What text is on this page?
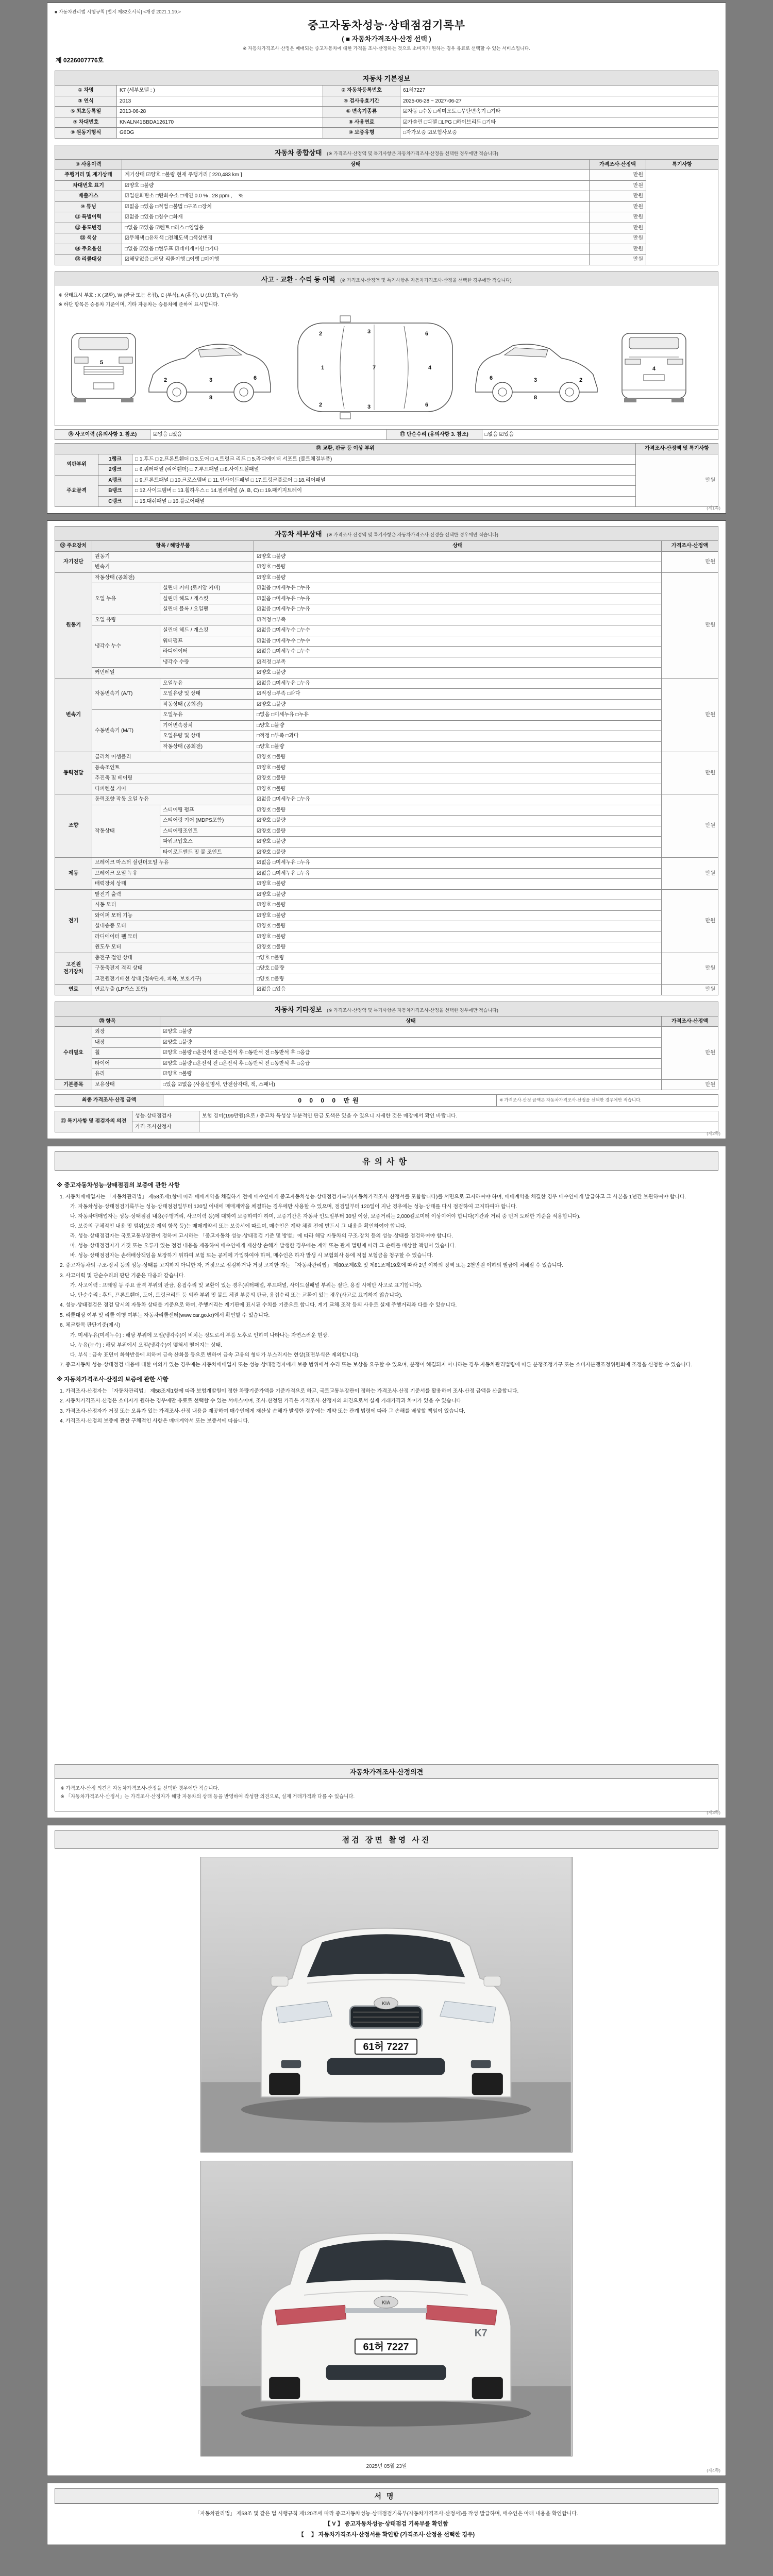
■ 자동차관리법 시행규칙 [별지 제82호서식] <개정 2021.1.19.>
중고자동차성능·상태점검기록부
( ■ 자동차가격조사·산정 선택 )
※ 자동차가격조사·산정은 매매되는 중고자동차에 대한 가격을 조사·산정하는 것으로 소비자가 원하는 경우 유료로 선택할 수 있는 서비스입니다.
제 0226007776호
자동차 기본정보
① 차명	K7 (세부모델 : )	② 자동차등록번호	61허7227
③ 연식	2013	④ 검사유효기간	2025-06-28 ~ 2027-06-27
⑤ 최초등록일	2013-06-28	⑥ 변속기종류	☑자동 □수동 □세미오토 □무단변속기 □기타
⑦ 차대번호	KNALN41BBDA126170	⑧ 사용연료	☑가솔린 □디젤 □LPG □하이브리드 □기타
⑨ 원동기형식	G6DG	⑩ 보증유형	□자가보증 ☑보험사보증
자동차 종합상태 (※ 가격조사·산정액 및 특기사항은 자동차가격조사·산정을 선택한 경우에만 적습니다)
⑨ 사용이력	상태	가격조사·산정액	특기사항
주행거리 및 계기상태	계기상태 ☑양호 □불량 현재 주행거리 [ 220,483 km ]	만원	
차대번호 표기	☑양호 □불량	만원	
배출가스	☑일산화탄소 □탄화수소 □매연 0.0 % , 28 ppm ,　 %	만원	
⑩ 튜닝	☑없음 □있음 □적법 □불법 □구조 □장치	만원	
⑪ 특별이력	☑없음 □있음 □침수 □화재	만원	
⑫ 용도변경	□없음 ☑있음 ☑렌트 □리스 □영업용	만원	
⑬ 색상	☑무채색 □유채색 □전체도색 □색상변경	만원	
⑭ 주요옵션	□없음 ☑있음 □썬루프 ☑네비게이션 □기타	만원	
⑮ 리콜대상	☑해당없음 □해당 리콜이행 □이행 □미이행	만원	
사고 · 교환 · 수리 등 이력 (※ 가격조사·산정액 및 특기사항은 자동차가격조사·산정을 선택한 경우에만 적습니다)
※ 상태표시 부호 : X (교환), W (판금 또는 용접), C (부식), A (흠집), U (요철), T (손상)
※ 하단 항목은 승용차 기준이며, 기타 자동차는 승용차에 준하여 표시합니다.
5
2	3	6
8
1	7	4
2
2
3
3
6
6
2
3
6
8
4
⑯ 사고이력 (유의사항 3. 참조)	☑없음 □있음	⑰ 단순수리 (유의사항 3. 참조)	□없음 ☑있음
⑱ 교환, 판금 등 이상 부위			가격조사·산정액 및 특기사항
외판부위	1랭크	□ 1.후드 □ 2.프론트휀더 □ 3.도어 □ 4.트렁크 리드 □ 5.라디에이터 서포트 (볼트체결부품)	만원
	2랭크	□ 6.쿼터패널 (리어휀더) □ 7.루프패널 □ 8.사이드실패널	
주요골격	A랭크	□ 9.프론트패널 □ 10.크로스멤버 □ 11.인사이드패널 □ 17.트렁크플로어 □ 18.리어패널	
	B랭크	□ 12.사이드멤버 □ 13.휠하우스 □ 14.필러패널 (A, B, C) □ 19.패키지트레이	
	C랭크	□ 15.대쉬패널 □ 16.플로어패널	
(제1쪽)
자동차 세부상태 (※ 가격조사·산정액 및 특기사항은 자동차가격조사·산정을 선택한 경우에만 적습니다)
⑲ 주요장치	항목 / 해당부품		상태	가격조사·산정액
자기진단	원동기		☑양호 □불량	만원
	변속기		☑양호 □불량	
원동기	작동상태 (공회전)		☑양호 □불량	만원
	오일 누유	실린더 커버 (로커암 커버)	☑없음 □미세누유 □누유	
		실린더 헤드 / 개스킷	☑없음 □미세누유 □누유	
		실린더 블록 / 오일팬	☑없음 □미세누유 □누유	
	오일 유량		☑적정 □부족	
	냉각수 누수	실린더 헤드 / 개스킷	☑없음 □미세누수 □누수	
		워터펌프	☑없음 □미세누수 □누수	
		라디에이터	☑없음 □미세누수 □누수	
		냉각수 수량	☑적정 □부족	
	커먼레일		☑양호 □불량	
변속기	자동변속기 (A/T)	오일누유	☑없음 □미세누유 □누유	만원
		오일유량 및 상태	☑적정 □부족 □과다	
		작동상태 (공회전)	☑양호 □불량	
	수동변속기 (M/T)	오일누유	□없음 □미세누유 □누유	
		기어변속장치	□양호 □불량	
		오일유량 및 상태	□적정 □부족 □과다	
		작동상태 (공회전)	□양호 □불량	
동력전달	클러치 어셈블리		☑양호 □불량	만원
	등속조인트		☑양호 □불량	
	추진축 및 베어링		☑양호 □불량	
	디퍼렌셜 기어		☑양호 □불량	
조향	동력조향 작동 오일 누유		☑없음 □미세누유 □누유	만원
	작동상태	스티어링 펌프	☑양호 □불량	
		스티어링 기어 (MDPS포함)	☑양호 □불량	
		스티어링조인트	☑양호 □불량	
		파워고압호스	☑양호 □불량	
		타이로드엔드 및 볼 조인트	☑양호 □불량	
제동	브레이크 마스터 실린더오일 누유		☑없음 □미세누유 □누유	만원
	브레이크 오일 누유		☑없음 □미세누유 □누유	
	배력장치 상태		☑양호 □불량	
전기	발전기 출력		☑양호 □불량	만원
	시동 모터		☑양호 □불량	
	와이퍼 모터 기능		☑양호 □불량	
	실내송풍 모터		☑양호 □불량	
	라디에이터 팬 모터		☑양호 □불량	
	윈도우 모터		☑양호 □불량	
고전원 전기장치	충전구 절연 상태		□양호 □불량	만원
	구동축전지 격리 상태		□양호 □불량	
	고전원전기배선 상태 (접속단자, 피복, 보호기구)		□양호 □불량	
연료	연료누출 (LP가스 포함)		☑없음 □있음	만원
자동차 기타정보 (※ 가격조사·산정액 및 특기사항은 자동차가격조사·산정을 선택한 경우에만 적습니다)
⑳ 항목		상태	가격조사·산정액
수리필요	외장	☑양호 □불량	만원
	내장	☑양호 □불량	
	휠	☑양호 □불량 □운전석 전 □운전석 후 □동반석 전 □동반석 후 □응급	
	타이어	☑양호 □불량 □운전석 전 □운전석 후 □동반석 전 □동반석 후 □응급	
	유리	☑양호 □불량	
기본품목	보유상태	□있음 ☑없음 (사용설명서, 안전삼각대, 잭, 스패너)	만원
최종 가격조사·산정 금액	0 0 0 0 만원	※ 가격조사·산정 금액은 자동차가격조사·산정을 선택한 경우에만 적습니다.
㉑ 특기사항 및 점검자의 의견	성능·상태점검자	보험 경미(199만원)으로 / 중고차 특성상 부분적인 판금 도색은 있을 수 있으니 자세한 것은 매장에서 확인 바랍니다.
	가격·조사산정자	
(제2쪽)
유의사항
※ 중고자동차성능·상태점검의 보증에 관한 사항
1. 자동차매매업자는 「자동차관리법」 제58조제1항에 따라 매매계약을 체결하기 전에 매수인에게 중고자동차성능·상태점검기록부(자동차가격조사·산정서를 포함합니다)를 서면으로 고지하여야 하며, 매매계약을 체결한 경우 매수인에게 발급하고 그 사본을 1년간 보관하여야 합니다.
가. 자동차성능·상태점검기록부는 성능·상태점검일부터 120일 이내에 매매계약을 체결하는 경우에만 사용할 수 있으며, 점검일부터 120일이 지난 경우에는 성능·상태를 다시 점검하여 고지하여야 합니다.
나. 자동차매매업자는 성능·상태점검 내용(주행거리, 사고이력 등)에 대하여 보증하여야 하며, 보증기간은 자동차 인도일부터 30일 이상, 보증거리는 2,000킬로미터 이상이어야 합니다(기간과 거리 중 먼저 도래한 기준을 적용합니다).
다. 보증의 구체적인 내용 및 범위(보증 제외 항목 등)는 매매계약서 또는 보증서에 따르며, 매수인은 계약 체결 전에 반드시 그 내용을 확인하여야 합니다.
라. 성능·상태점검자는 국토교통부장관이 정하여 고시하는 「중고자동차 성능·상태점검 기준 및 방법」에 따라 해당 자동차의 구조·장치 등의 성능·상태를 점검하여야 합니다.
마. 성능·상태점검자가 거짓 또는 오류가 있는 점검 내용을 제공하여 매수인에게 재산상 손해가 발생한 경우에는 계약 또는 관계 법령에 따라 그 손해를 배상할 책임이 있습니다.
바. 성능·상태점검자는 손해배상책임을 보장하기 위하여 보험 또는 공제에 가입하여야 하며, 매수인은 하자 발생 시 보험회사 등에 직접 보험금을 청구할 수 있습니다.
2. 중고자동차의 구조·장치 등의 성능·상태를 고지하지 아니한 자, 거짓으로 점검하거나 거짓 고지한 자는 「자동차관리법」 제80조제6호 및 제81조제19호에 따라 2년 이하의 징역 또는 2천만원 이하의 벌금에 처해질 수 있습니다.
3. 사고이력 및 단순수리의 판단 기준은 다음과 같습니다.
가. 사고이력 : 프레임 등 주요 골격 부위의 판금, 용접수리 및 교환이 있는 경우(쿼터패널, 루프패널, 사이드실패널 부위는 절단, 용접 시에만 사고로 표기합니다).
나. 단순수리 : 후드, 프론트휀더, 도어, 트렁크리드 등 외판 부위 및 볼트 체결 부품의 판금, 용접수리 또는 교환이 있는 경우(사고로 표기하지 않습니다).
4. 성능·상태점검은 점검 당시의 자동차 상태를 기준으로 하며, 주행거리는 계기판에 표시된 수치를 기준으로 합니다. 계기 교체·조작 등의 사유로 실제 주행거리와 다를 수 있습니다.
5. 리콜대상 여부 및 리콜 이행 여부는 자동차리콜센터(www.car.go.kr)에서 확인할 수 있습니다.
6. 체크항목 판단기준(예시)
가. 미세누유(미세누수) : 해당 부위에 오일(냉각수)이 비치는 정도로서 부품 노후로 인하여 나타나는 자연스러운 현상.
나. 누유(누수) : 해당 부위에서 오일(냉각수)이 맺혀서 떨어지는 상태.
다. 부식 : 금속 표면이 화학반응에 의하여 금속 산화물 등으로 변하여 금속 고유의 형태가 부스러지는 현상(표면부식은 제외합니다).
7. 중고자동차 성능·상태점검 내용에 대한 이의가 있는 경우에는 자동차매매업자 또는 성능·상태점검자에게 보증 범위에서 수리 또는 보상을 요구할 수 있으며, 분쟁이 해결되지 아니하는 경우 자동차관리법령에 따른 분쟁조정기구 또는 소비자분쟁조정위원회에 조정을 신청할 수 있습니다.
※ 자동차가격조사·산정의 보증에 관한 사항
1. 가격조사·산정자는 「자동차관리법」 제58조제1항에 따라 보험개발원이 정한 차량기준가액을 기준가격으로 하고, 국토교통부장관이 정하는 가격조사·산정 기준서를 활용하여 조사·산정 금액을 산출합니다.
2. 자동차가격조사·산정은 소비자가 원하는 경우에만 유료로 선택할 수 있는 서비스이며, 조사·산정된 가격은 가격조사·산정자의 의견으로서 실제 거래가격과 차이가 있을 수 있습니다.
3. 가격조사·산정자가 거짓 또는 오류가 있는 가격조사·산정 내용을 제공하여 매수인에게 재산상 손해가 발생한 경우에는 계약 또는 관계 법령에 따라 그 손해를 배상할 책임이 있습니다.
4. 가격조사·산정의 보증에 관한 구체적인 사항은 매매계약서 또는 보증서에 따릅니다.
자동차가격조사·산정의견
※ 가격조사·산정 의견은 자동차가격조사·산정을 선택한 경우에만 적습니다.
※ 「자동차가격조사·산정서」는 가격조사·산정자가 해당 자동차의 상태 등을 반영하여 작성한 의견으로, 실제 거래가격과 다를 수 있습니다.
(제3쪽)
점검 장면 촬영 사진
KIA
61허 7227
KIA
K7
61허 7227
2025년 05월 23일
(제4쪽)
서명
「자동차관리법」 제58조 및 같은 법 시행규칙 제120조에 따라 중고자동차성능·상태점검기록부(자동차가격조사·산정서)를 작성·발급하며, 매수인은 아래 내용을 확인합니다.
【 V 】 중고자동차성능·상태점검 기록부를 확인함
【　 】 자동차가격조사·산정서를 확인함 (가격조사·산정을 선택한 경우)
